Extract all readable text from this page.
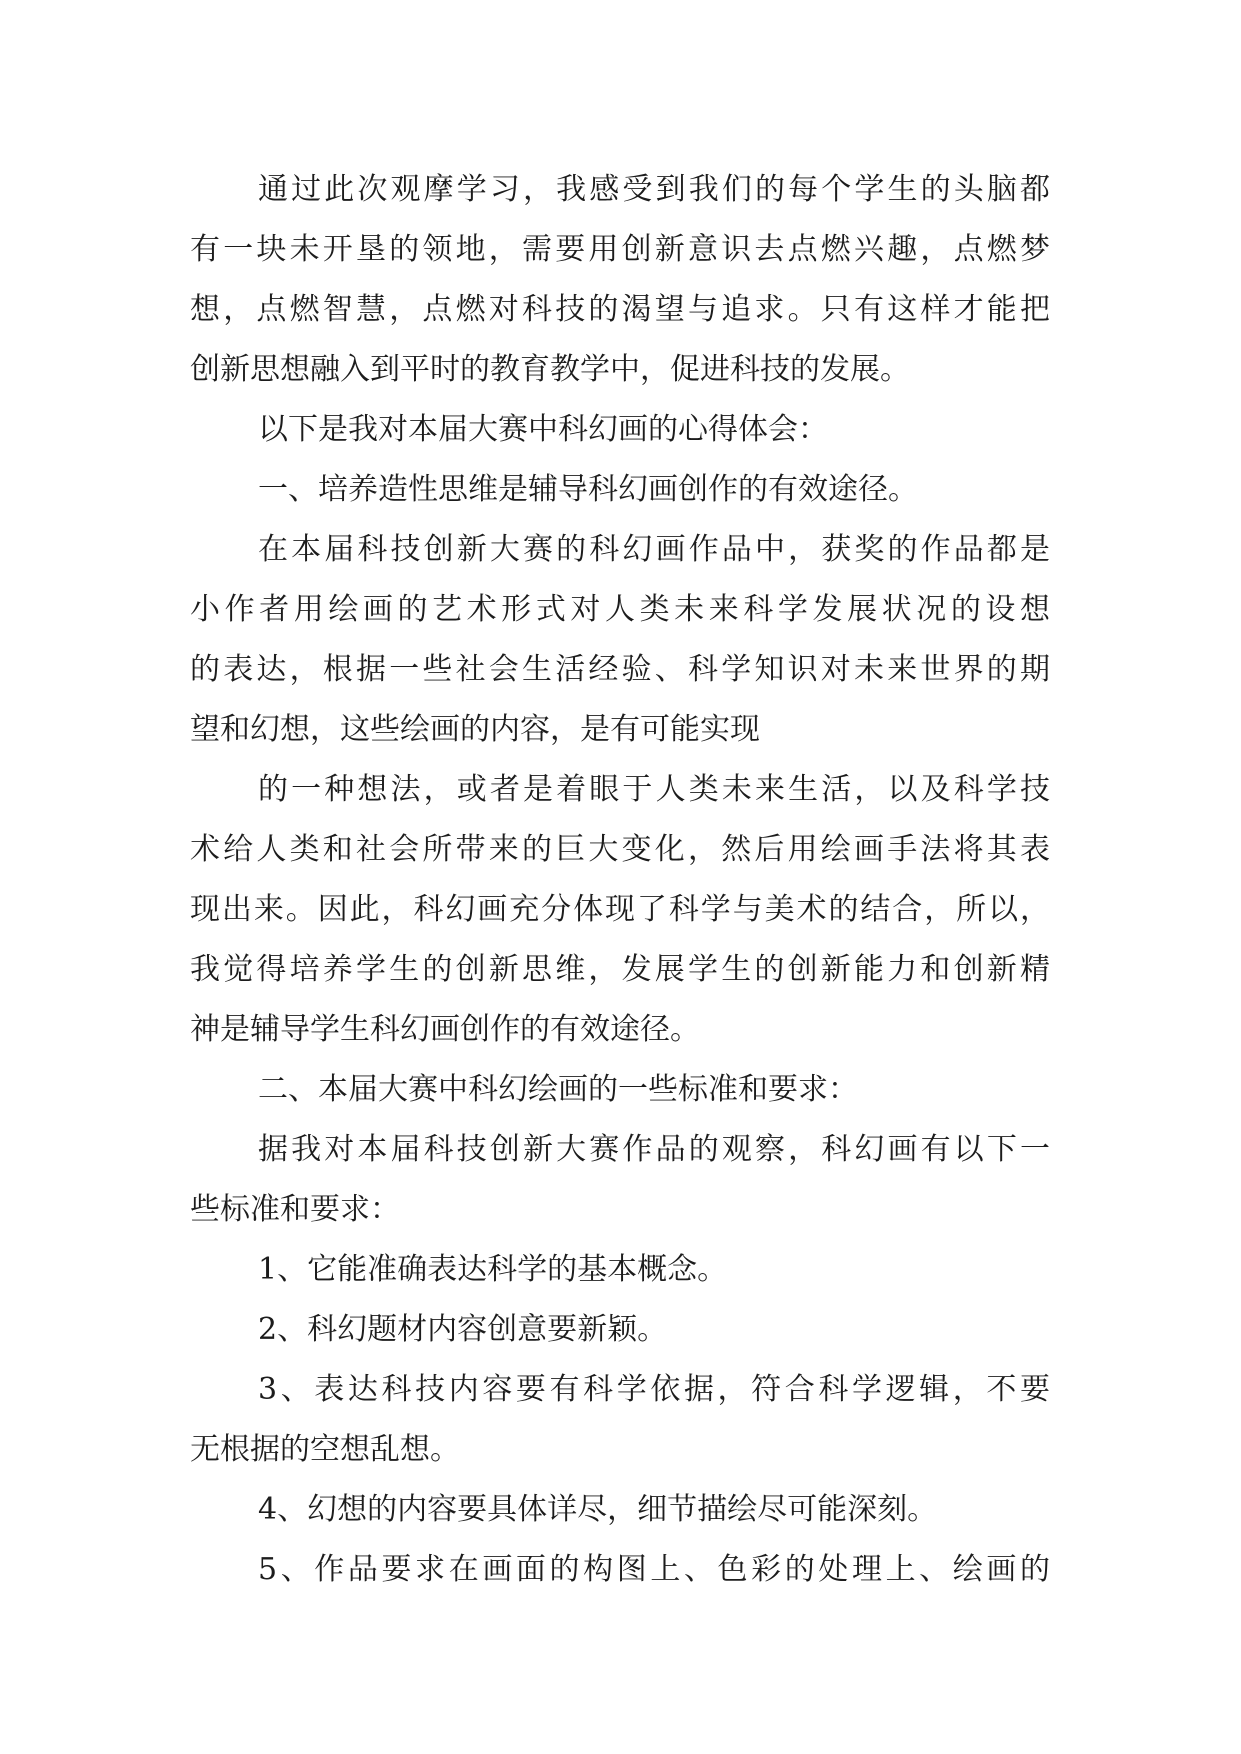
通过此次观摩学习，我感受到我们的每个学生的头脑都

有一块未开垦的领地，需要用创新意识去点燃兴趣，点燃梦

想，点燃智慧，点燃对科技的渴望与追求。只有这样才能把

创新思想融入到平时的教育教学中，促进科技的发展。

以下是我对本届大赛中科幻画的心得体会：

一、培养造性思维是辅导科幻画创作的有效途径。

在本届科技创新大赛的科幻画作品中，获奖的作品都是

小作者用绘画的艺术形式对人类未来科学发展状况的设想

的表达，根据一些社会生活经验、科学知识对未来世界的期

望和幻想，这些绘画的内容，是有可能实现

的一种想法，或者是着眼于人类未来生活，以及科学技

术给人类和社会所带来的巨大变化，然后用绘画手法将其表

现出来。因此，科幻画充分体现了科学与美术的结合，所以，

我觉得培养学生的创新思维，发展学生的创新能力和创新精

神是辅导学生科幻画创作的有效途径。

二、本届大赛中科幻绘画的一些标准和要求：

据我对本届科技创新大赛作品的观察，科幻画有以下一

些标准和要求：

1、它能准确表达科学的基本概念。

2、科幻题材内容创意要新颖。

3、表达科技内容要有科学依据，符合科学逻辑，不要

无根据的空想乱想。

4、幻想的内容要具体详尽，细节描绘尽可能深刻。

5、作品要求在画面的构图上、色彩的处理上、绘画的
